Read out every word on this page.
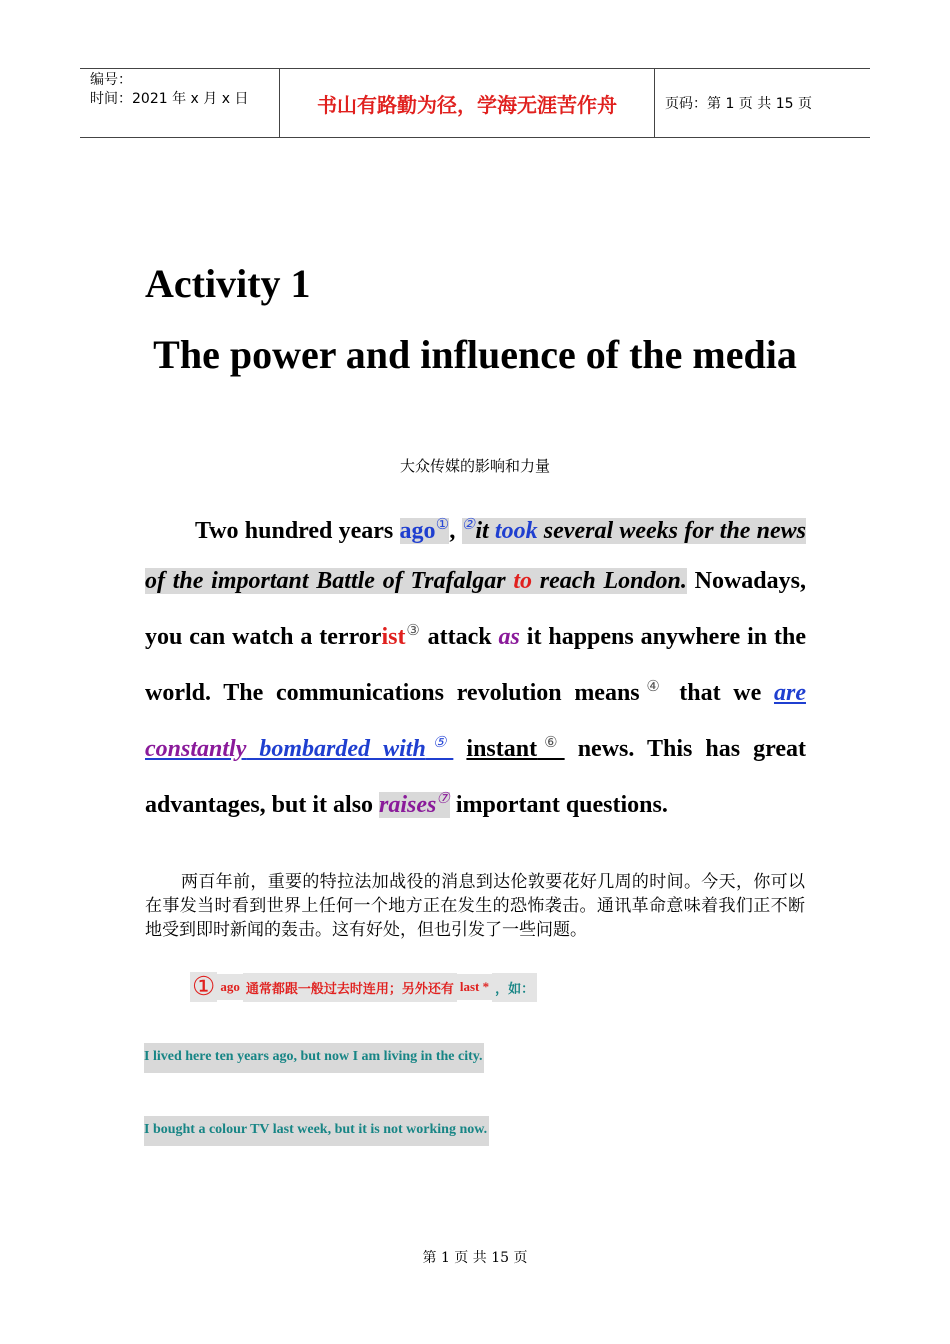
编号：
时间：2021 年 x 月 x 日	书山有路勤为径，学海无涯苦作舟	页码：第 1 页 共 15 页
Activity 1
The power and influence of the media
大众传媒的影响和力量
Two hundred years ago①, ②it took several weeks for the news of the important Battle of Trafalgar to reach London. Nowadays, you can watch a terrorist③ attack as it happens anywhere in the world. The communications revolution means④ that we are constantly bombarded with⑤ instant⑥ news. This has great advantages, but it also raises⑦ important questions.
两百年前，重要的特拉法加战役的消息到达伦敦要花好几周的时间。今天，你可以在事发当时看到世界上任何一个地方正在发生的恐怖袭击。通讯革命意味着我们正不断地受到即时新闻的轰击。这有好处，但也引发了一些问题。
① ago 通常都跟一般过去时连用；另外还有 last * ，如：
I lived here ten years ago, but now I am living in the city.
I bought a colour TV last week, but it is not working now.
第 1 页 共 15 页
